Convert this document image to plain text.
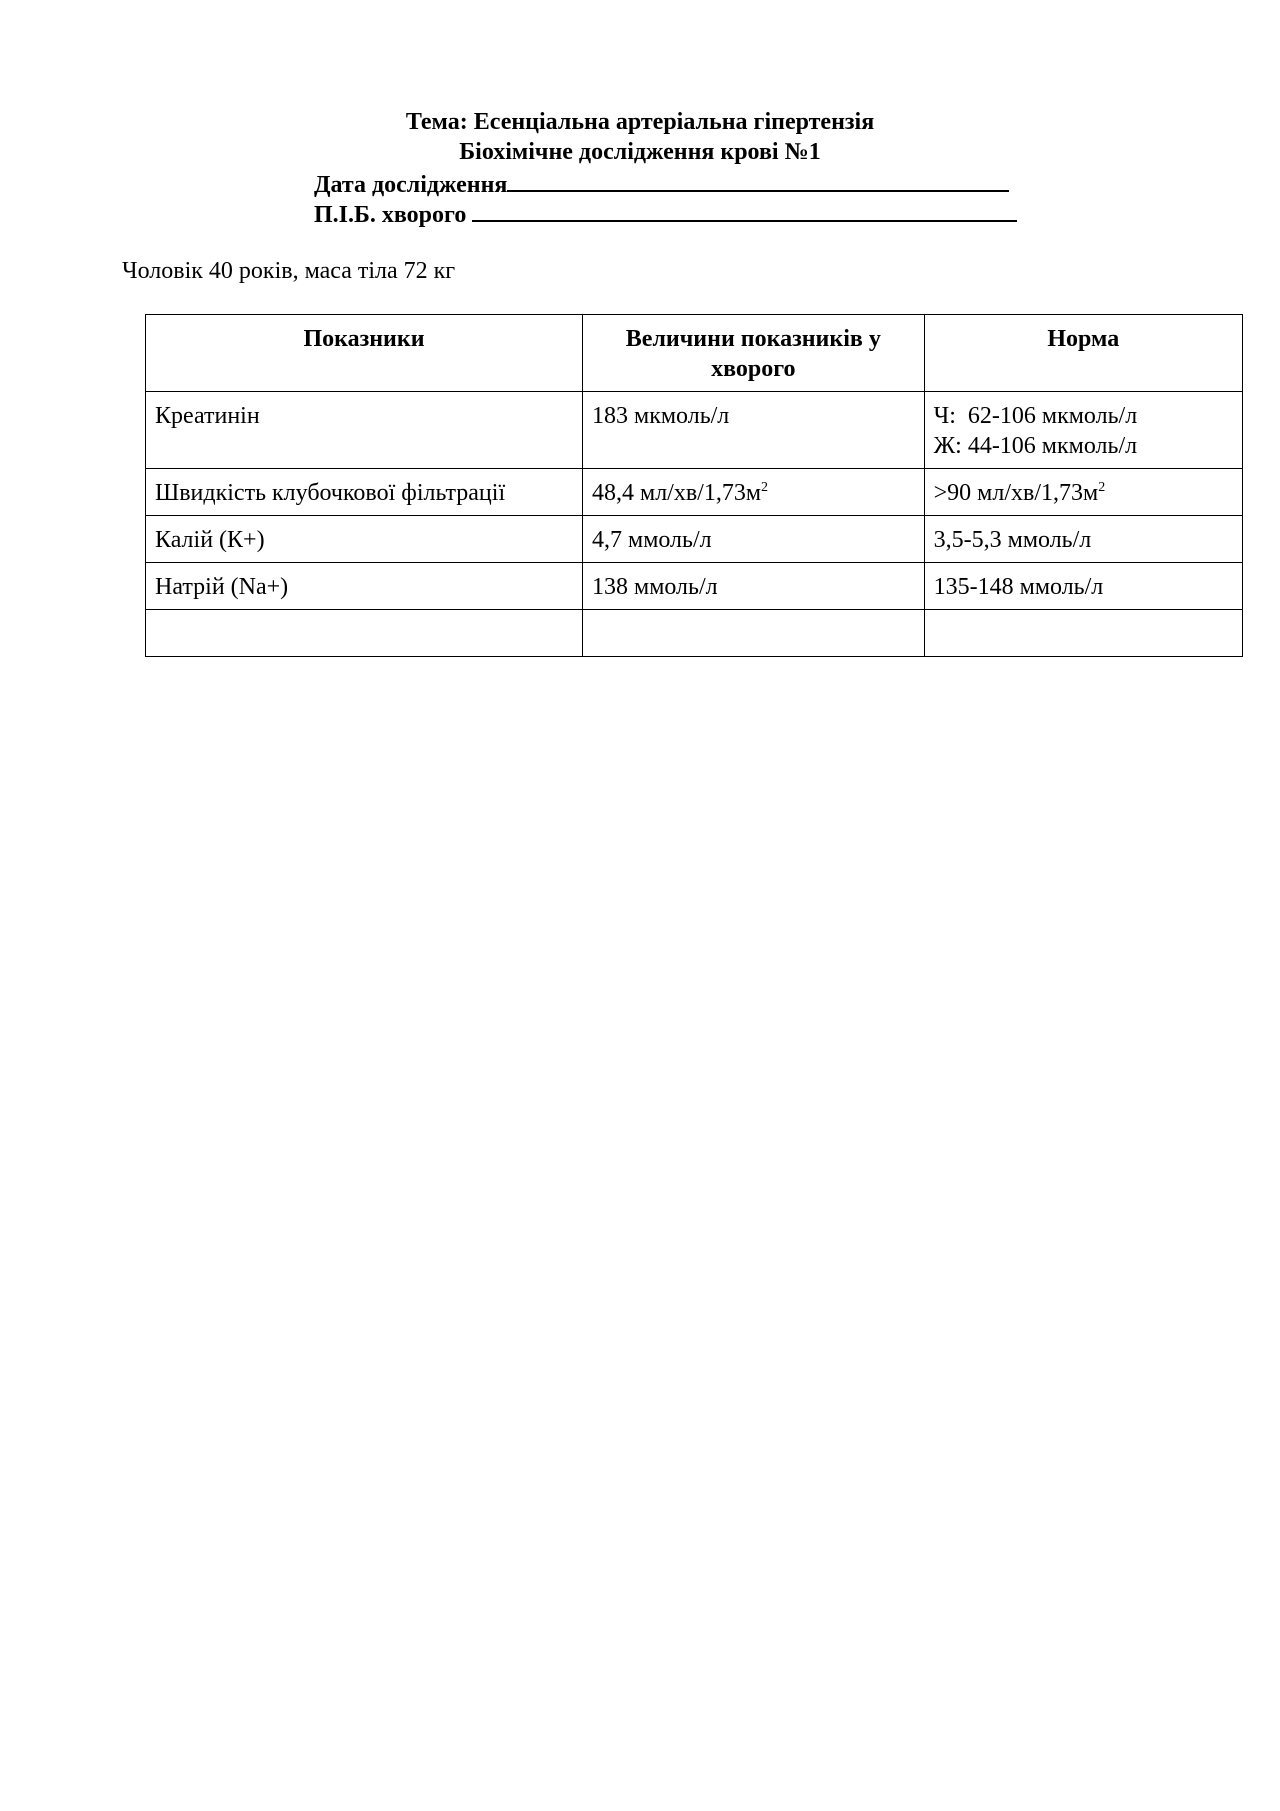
Тема: Есенціальна артеріальна гіпертензія
Біохімічне дослідження крові №1
Дата дослідження
П.І.Б. хворого
Чоловік 40 років, маса тіла 72 кг
Показники	Величини показників у хворого	Норма
Креатинін	183 мкмоль/л	Ч:  62-106 мкмоль/л
Ж: 44-106 мкмоль/л

Швидкість клубочкової фільтрації	48,4 $мл/хв/1,73м^2$	>90 $мл/хв/1,73м^2$
Калій (К+)	4,7 ммоль/л	3,5-5,3 ммоль/л
Натрій (Na+)	138 ммоль/л	135-148 ммоль/л
